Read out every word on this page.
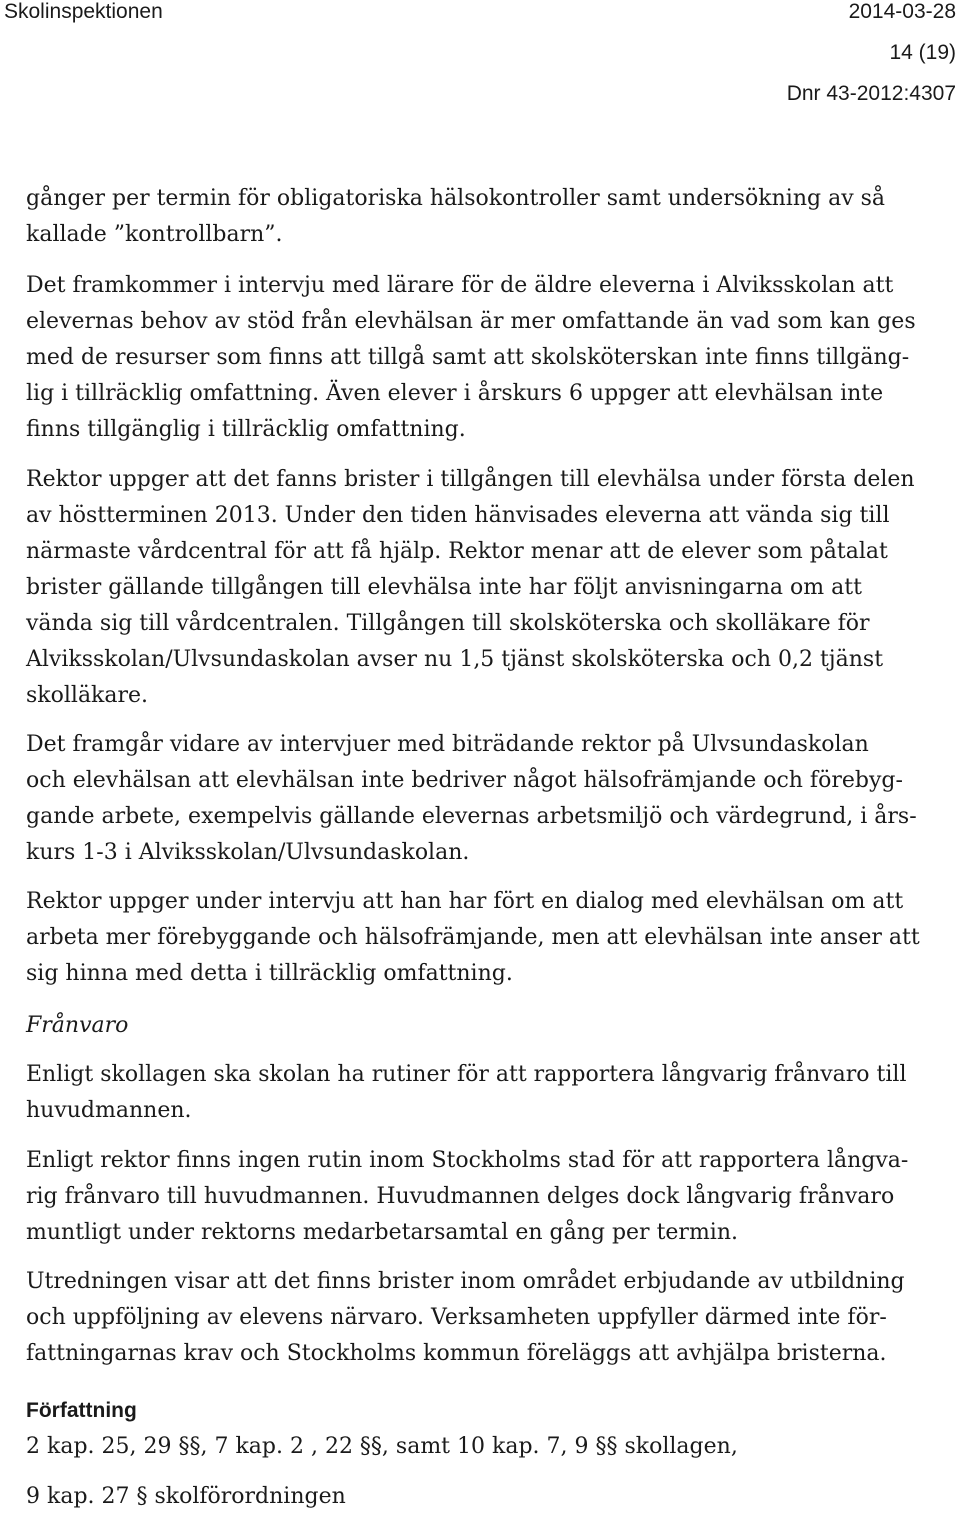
Skolinspektionen	2014-03-28
14 (19)
Dnr 43-2012:4307

gånger per termin för obligatoriska hälsokontroller samt undersökning av så
kallade ”kontrollbarn”.

Det framkommer i intervju med lärare för de äldre eleverna i Alviksskolan att
elevernas behov av stöd från elevhälsan är mer omfattande än vad som kan ges
med de resurser som finns att tillgå samt att skolsköterskan inte finns tillgäng-
lig i tillräcklig omfattning. Även elever i årskurs 6 uppger att elevhälsan inte
finns tillgänglig i tillräcklig omfattning.

Rektor uppger att det fanns brister i tillgången till elevhälsa under första delen
av höstterminen 2013. Under den tiden hänvisades eleverna att vända sig till
närmaste vårdcentral för att få hjälp. Rektor menar att de elever som påtalat
brister gällande tillgången till elevhälsa inte har följt anvisningarna om att
vända sig till vårdcentralen. Tillgången till skolsköterska och skolläkare för
Alviksskolan/Ulvsundaskolan avser nu 1,5 tjänst skolsköterska och 0,2 tjänst
skolläkare.

Det framgår vidare av intervjuer med biträdande rektor på Ulvsundaskolan
och elevhälsan att elevhälsan inte bedriver något hälsofrämjande och förebyg-
gande arbete, exempelvis gällande elevernas arbetsmiljö och värdegrund, i års-
kurs 1-3 i Alviksskolan/Ulvsundaskolan.

Rektor uppger under intervju att han har fört en dialog med elevhälsan om att
arbeta mer förebyggande och hälsofrämjande, men att elevhälsan inte anser att
sig hinna med detta i tillräcklig omfattning.

Frånvaro

Enligt skollagen ska skolan ha rutiner för att rapportera långvarig frånvaro till
huvudmannen.

Enligt rektor finns ingen rutin inom Stockholms stad för att rapportera långva-
rig frånvaro till huvudmannen. Huvudmannen delges dock långvarig frånvaro
muntligt under rektorns medarbetarsamtal en gång per termin.

Utredningen visar att det finns brister inom området erbjudande av utbildning
och uppföljning av elevens närvaro. Verksamheten uppfyller därmed inte för-
fattningarnas krav och Stockholms kommun föreläggs att avhjälpa bristerna.

Författning

2 kap. 25, 29 §§, 7 kap. 2 , 22 §§, samt 10 kap. 7, 9 §§ skollagen,

9 kap. 27 § skolförordningen
